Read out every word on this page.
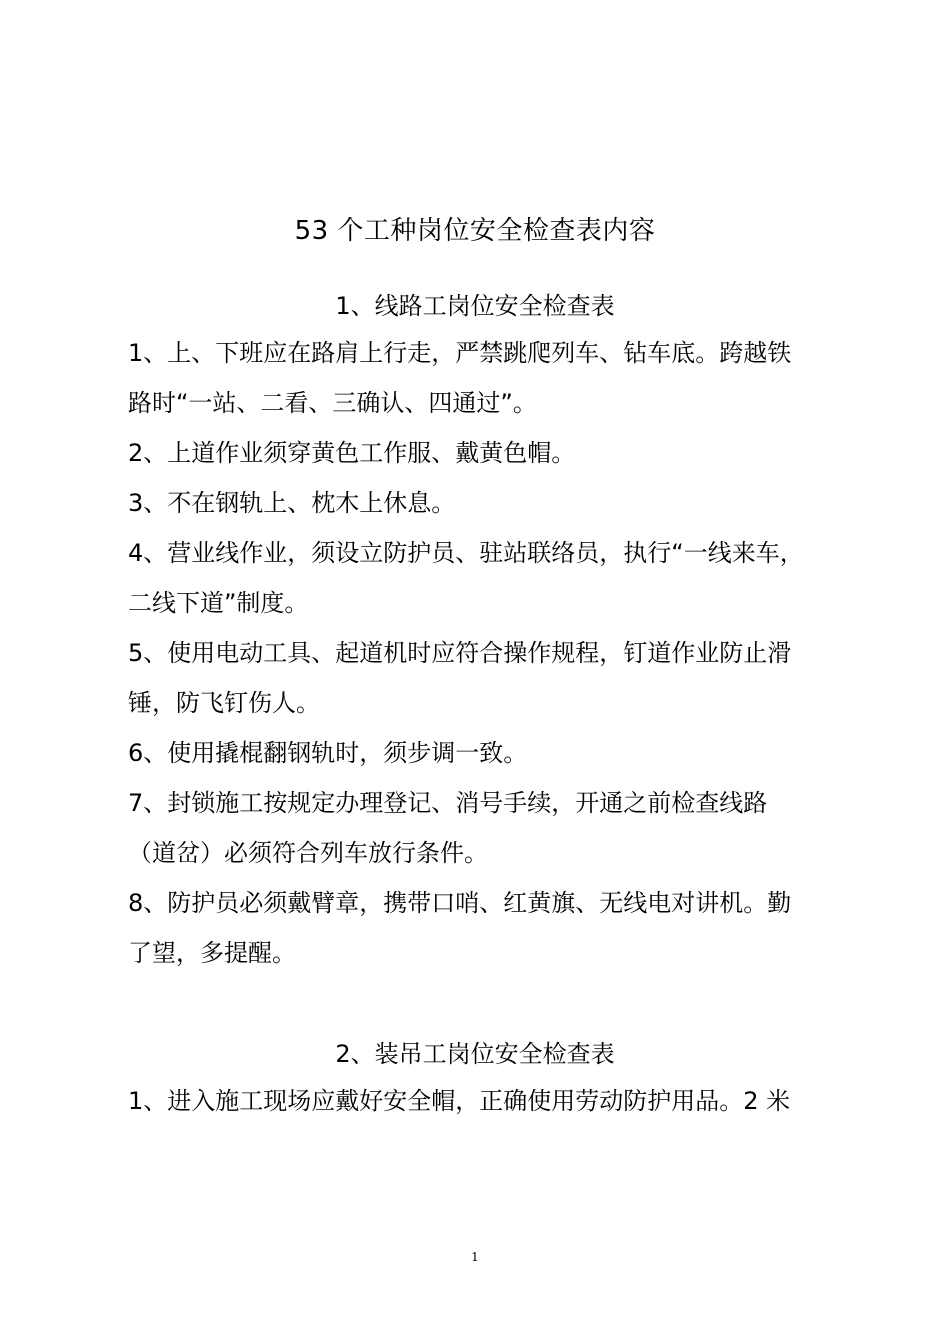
53 个工种岗位安全检查表内容
1、线路工岗位安全检查表

1、上、下班应在路肩上行走，严禁跳爬列车、钻车底。跨越铁

路时“一站、二看、三确认、四通过”。

2、上道作业须穿黄色工作服、戴黄色帽。

3、不在钢轨上、枕木上休息。

4、营业线作业，须设立防护员、驻站联络员，执行“一线来车，

二线下道”制度。

5、使用电动工具、起道机时应符合操作规程，钉道作业防止滑

锤，防飞钉伤人。

6、使用撬棍翻钢轨时，须步调一致。

7、封锁施工按规定办理登记、消号手续，开通之前检查线路

（道岔）必须符合列车放行条件。

8、防护员必须戴臂章，携带口哨、红黄旗、无线电对讲机。勤

了望，多提醒。

2、装吊工岗位安全检查表

1、进入施工现场应戴好安全帽，正确使用劳动防护用品。2 米

1
